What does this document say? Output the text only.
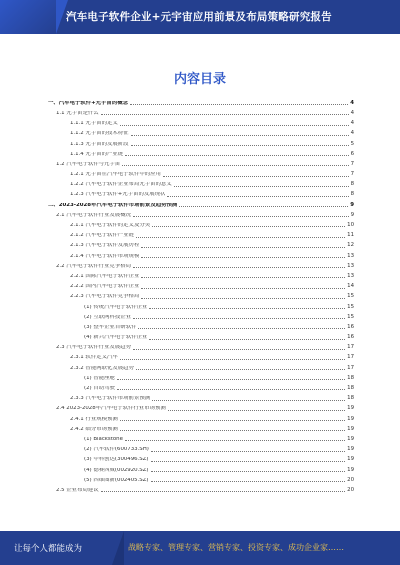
汽车电子软件企业+元宇宙应用前景及布局策略研究报告
内容目录
一、汽车电子软件+元宇宙的概念	4
1.1 元宇宙是什么	4
1.1.1 元宇宙的定义	4
1.1.2 元宇宙的技术特征	4
1.1.3 元宇宙的发展阶段	5
1.1.4 元宇宙的产业链	6
1.2 汽车电子软件与元宇宙	7
1.2.1 元宇宙在汽车电子软件中的应用	7
1.2.2 汽车电子软件企业布局元宇宙的意义	8
1.2.3 汽车电子软件+元宇宙的发展现状	8
二、2023-2028年汽车电子软件市场前景及趋势预测	9
2.1 汽车电子软件行业发展概况	9
2.1.1 汽车电子软件的定义及分类	10
2.1.2 汽车电子软件产业链	11
2.1.3 汽车电子软件发展历程	12
2.1.4 汽车电子软件市场规模	13
2.2 汽车电子软件行业竞争格局	13
2.2.1 国际汽车电子软件企业	13
2.2.2 国内汽车电子软件企业	14
2.2.3 汽车电子软件竞争格局	15
(1) 传统汽车电子软件企业	15
(2) 互联网科技企业	15
(3) 整车企业自研软件	16
(4) 新兴汽车电子软件企业	16
2.3 汽车电子软件行业发展趋势	17
2.3.1 软件定义汽车	17
2.3.2 智能网联化发展趋势	17
(1) 智能座舱	18
(2) 自动驾驶	18
2.3.3 汽车电子软件市场前景预测	18
2.4 2023-2028年汽车电子软件行业市场预测	19
2.4.1 行业规模预测	19
2.4.2 细分市场预测	19
(1) Blackstone	19
(2) 汽车软件(600733.SH)	19
(3) 中科创达(300496.SZ)	19
(4) 德赛西威(002920.SZ)	19
(5) 四维图新(002405.SZ)	20
2.5 企业布局建议	20
让每个人都能成为	战略专家、管理专家、营销专家、投资专家、成功企业家……
